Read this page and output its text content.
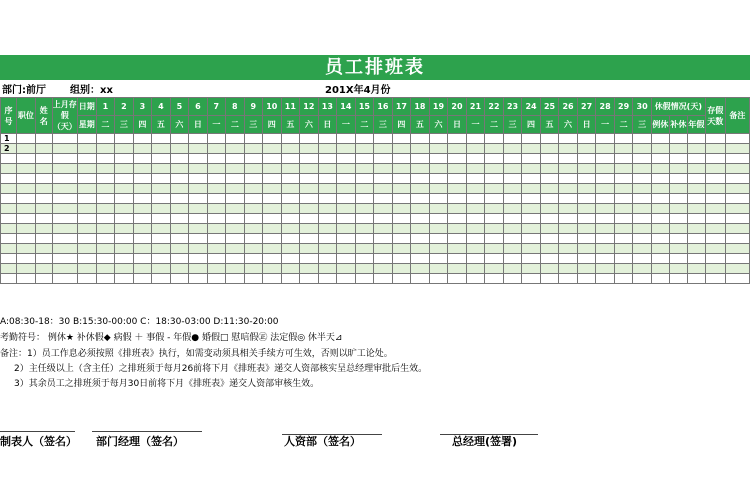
员工排班表
部门:前厅 组别：xx	201X年4月份
序号	职位	姓名	上月存假（天）	日期	1	2	3	4	5	6	7	8	9	10	11	12	13	14	15	16	17	18	19	20	21	22	23	24	25	26	27	28	29	30	休假情况(天)			存假天数	备注
				星期	二	三	四	五	六	日	一	二	三	四	五	六	日	一	二	三	四	五	六	日	一	二	三	四	五	六	日	一	二	三	例休	补休	年假		
1																																							
2																																							

A:08:30-18：30 B:15:30-00:00 C：18:30-03:00 D:11:30-20:00
考勤符号： 例休★ 补休假◆ 病假 ＋ 事假 - 年假● 婚假□ 慰唁假㊣ 法定假◎ 休半天⊿
备注：1）员工作息必须按照《排班表》执行，如需变动须具相关手续方可生效，否则以旷工论处。
2）主任级以上（含主任）之排班须于每月26前将下月《排班表》递交人资部核实呈总经理审批后生效。
3）其余员工之排班须于每月30日前将下月《排班表》递交人资部审核生效。
制表人（签名） 部门经理（签名）	人资部（签名）	总经理(签署)
